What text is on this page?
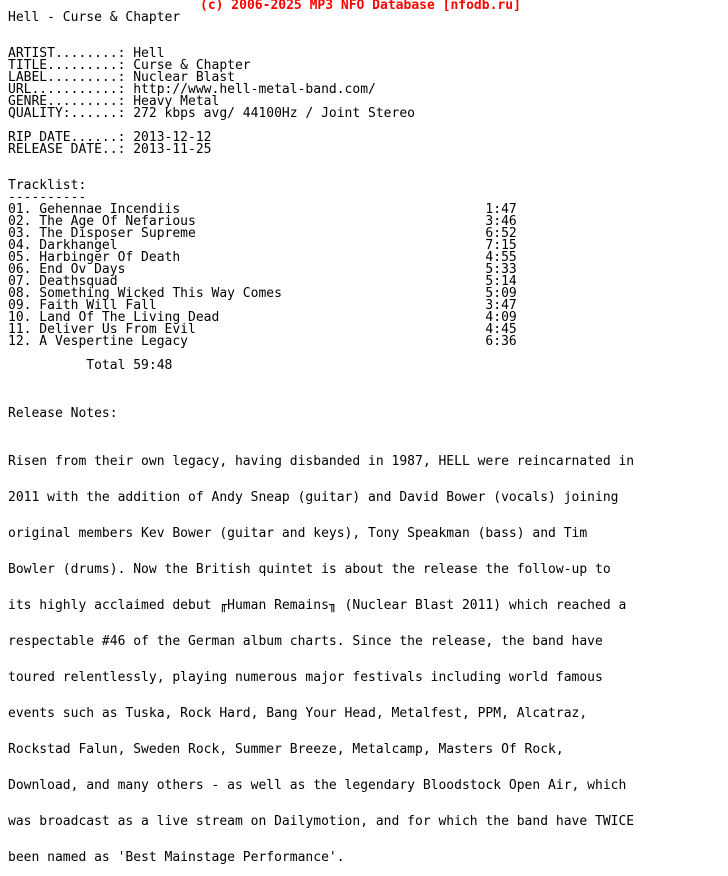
(c) 2006-2025 MP3 NFO Database [nfodb.ru]
Hell - Curse & Chapter
ARTIST........: Hell
TITLE.........: Curse & Chapter
LABEL.........: Nuclear Blast
URL...........: http://www.hell-metal-band.com/
GENRE.........: Heavy Metal
QUALITY:......: 272 kbps avg/ 44100Hz / Joint Stereo
RIP DATE......: 2013-12-12
RELEASE DATE..: 2013-11-25
Tracklist:
----------
01. Gehennae Incendiis                                       1:47
02. The Age Of Nefarious                                     3:46
03. The Disposer Supreme                                     6:52
04. Darkhangel                                               7:15
05. Harbinger Of Death                                       4:55
06. End Ov Days                                              5:33
07. Deathsquad                                               5:14
08. Something Wicked This Way Comes                          5:09
09. Faith Will Fall                                          3:47
10. Land Of The Living Dead                                  4:09
11. Deliver Us From Evil                                     4:45
12. A Vespertine Legacy                                      6:36
Total 59:48
Release Notes:

Risen from their own legacy, having disbanded in 1987, HELL were reincarnated in

2011 with the addition of Andy Sneap (guitar) and David Bower (vocals) joining

original members Kev Bower (guitar and keys), Tony Speakman (bass) and Tim

Bowler (drums). Now the British quintet is about the release the follow-up to

its highly acclaimed debut ╓Human Remains╖ (Nuclear Blast 2011) which reached a

respectable #46 of the German album charts. Since the release, the band have

toured relentlessly, playing numerous major festivals including world famous

events such as Tuska, Rock Hard, Bang Your Head, Metalfest, PPM, Alcatraz,

Rockstad Falun, Sweden Rock, Summer Breeze, Metalcamp, Masters Of Rock,

Download, and many others - as well as the legendary Bloodstock Open Air, which

was broadcast as a live stream on Dailymotion, and for which the band have TWICE

been named as 'Best Mainstage Performance'.
